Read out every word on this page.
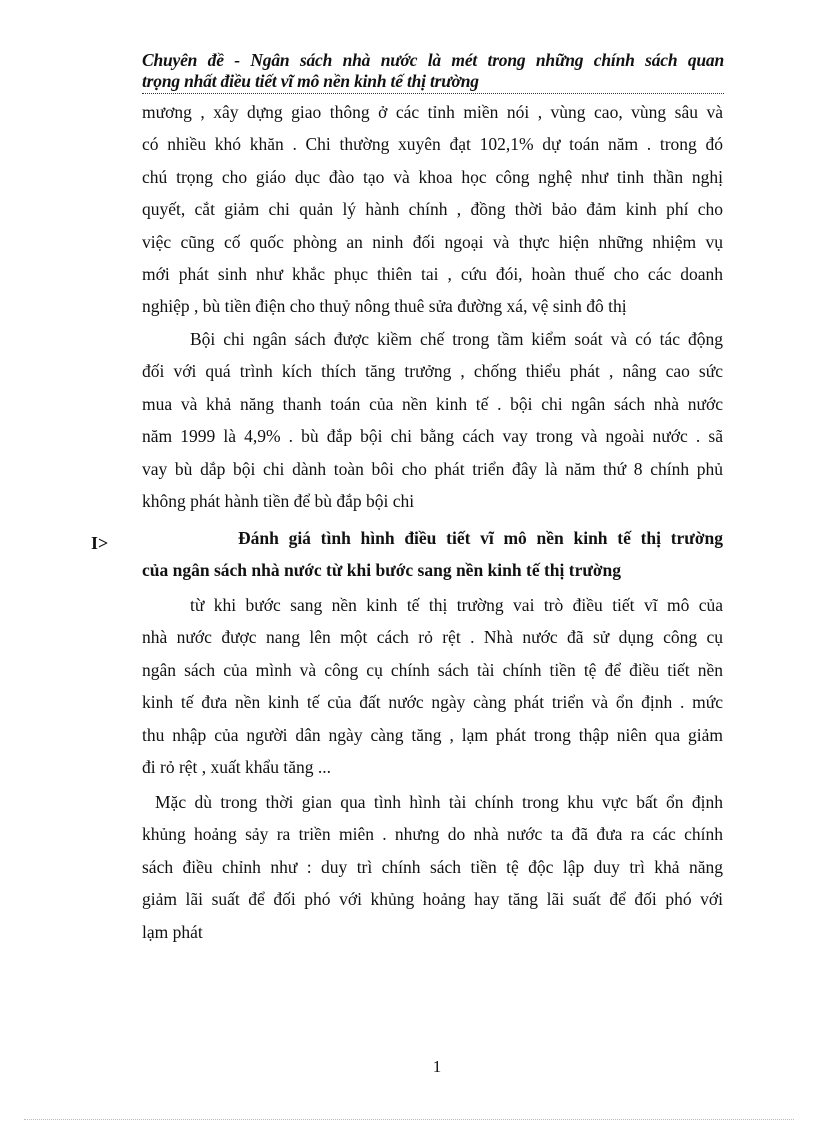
Chuyên đề - Ngân sách nhà nước là mét trong những chính sách quan
trọng nhất điều tiết vĩ mô nền kinh tế thị trường
mương , xây dựng giao thông ở các tỉnh miền nói , vùng cao, vùng sâu và
có nhiều khó khăn . Chi thường xuyên đạt 102,1% dự toán năm . trong đó
chú trọng cho giáo dục đào tạo và khoa học công nghệ như tinh thần nghị
quyết, cắt giảm chi quản lý hành chính , đồng thời bảo đảm kinh phí cho
việc cũng cố quốc phòng an ninh đối ngoại và thực hiện những nhiệm vụ
mới phát sinh như khắc phục thiên tai , cứu đói, hoàn thuế cho các doanh
nghiệp , bù tiền điện cho thuỷ nông thuê sửa đường xá, vệ sinh đô thị
Bội chi ngân sách được kiềm chế trong tầm kiểm soát và có tác động
đối với quá trình kích thích tăng trưởng , chống thiểu phát , nâng cao sức
mua và khả năng thanh toán của nền kinh tế . bội chi ngân sách nhà nước
năm 1999 là 4,9% . bù đắp bội chi bằng cách vay trong và ngoài nước . sã
vay bù dắp bội chi dành toàn bôi cho phát triển đây là năm thứ 8 chính phủ
không phát hành tiền để bù đắp bội chi
I>	Đánh giá tình hình điều tiết vĩ mô nền kinh tế thị trường
của ngân sách nhà nước từ khi bước sang nền kinh tế thị trường
từ khi bước sang nền kinh tế thị trường vai trò điều tiết vĩ mô của
nhà nước được nang lên một cách rỏ rệt . Nhà nước đã sử dụng công cụ
ngân sách của mình và công cụ chính sách tài chính tiền tệ để điều tiết nền
kinh tế đưa nền kinh tế của đất nước ngày càng phát triển và ổn định . mức
thu nhập của người dân ngày càng tăng , lạm phát trong thập niên qua giảm
đi rỏ rệt , xuất khẩu tăng ...
Mặc dù trong thời gian qua tình hình tài chính trong khu vực bất ổn định
khủng hoảng sảy ra triền miên . nhưng do nhà nước ta đã đưa ra các chính
sách điều chỉnh như : duy trì chính sách tiền tệ độc lập duy trì khả năng
giảm lãi suất để đối phó với khủng hoảng hay tăng lãi suất để đối phó với
lạm phát
1
